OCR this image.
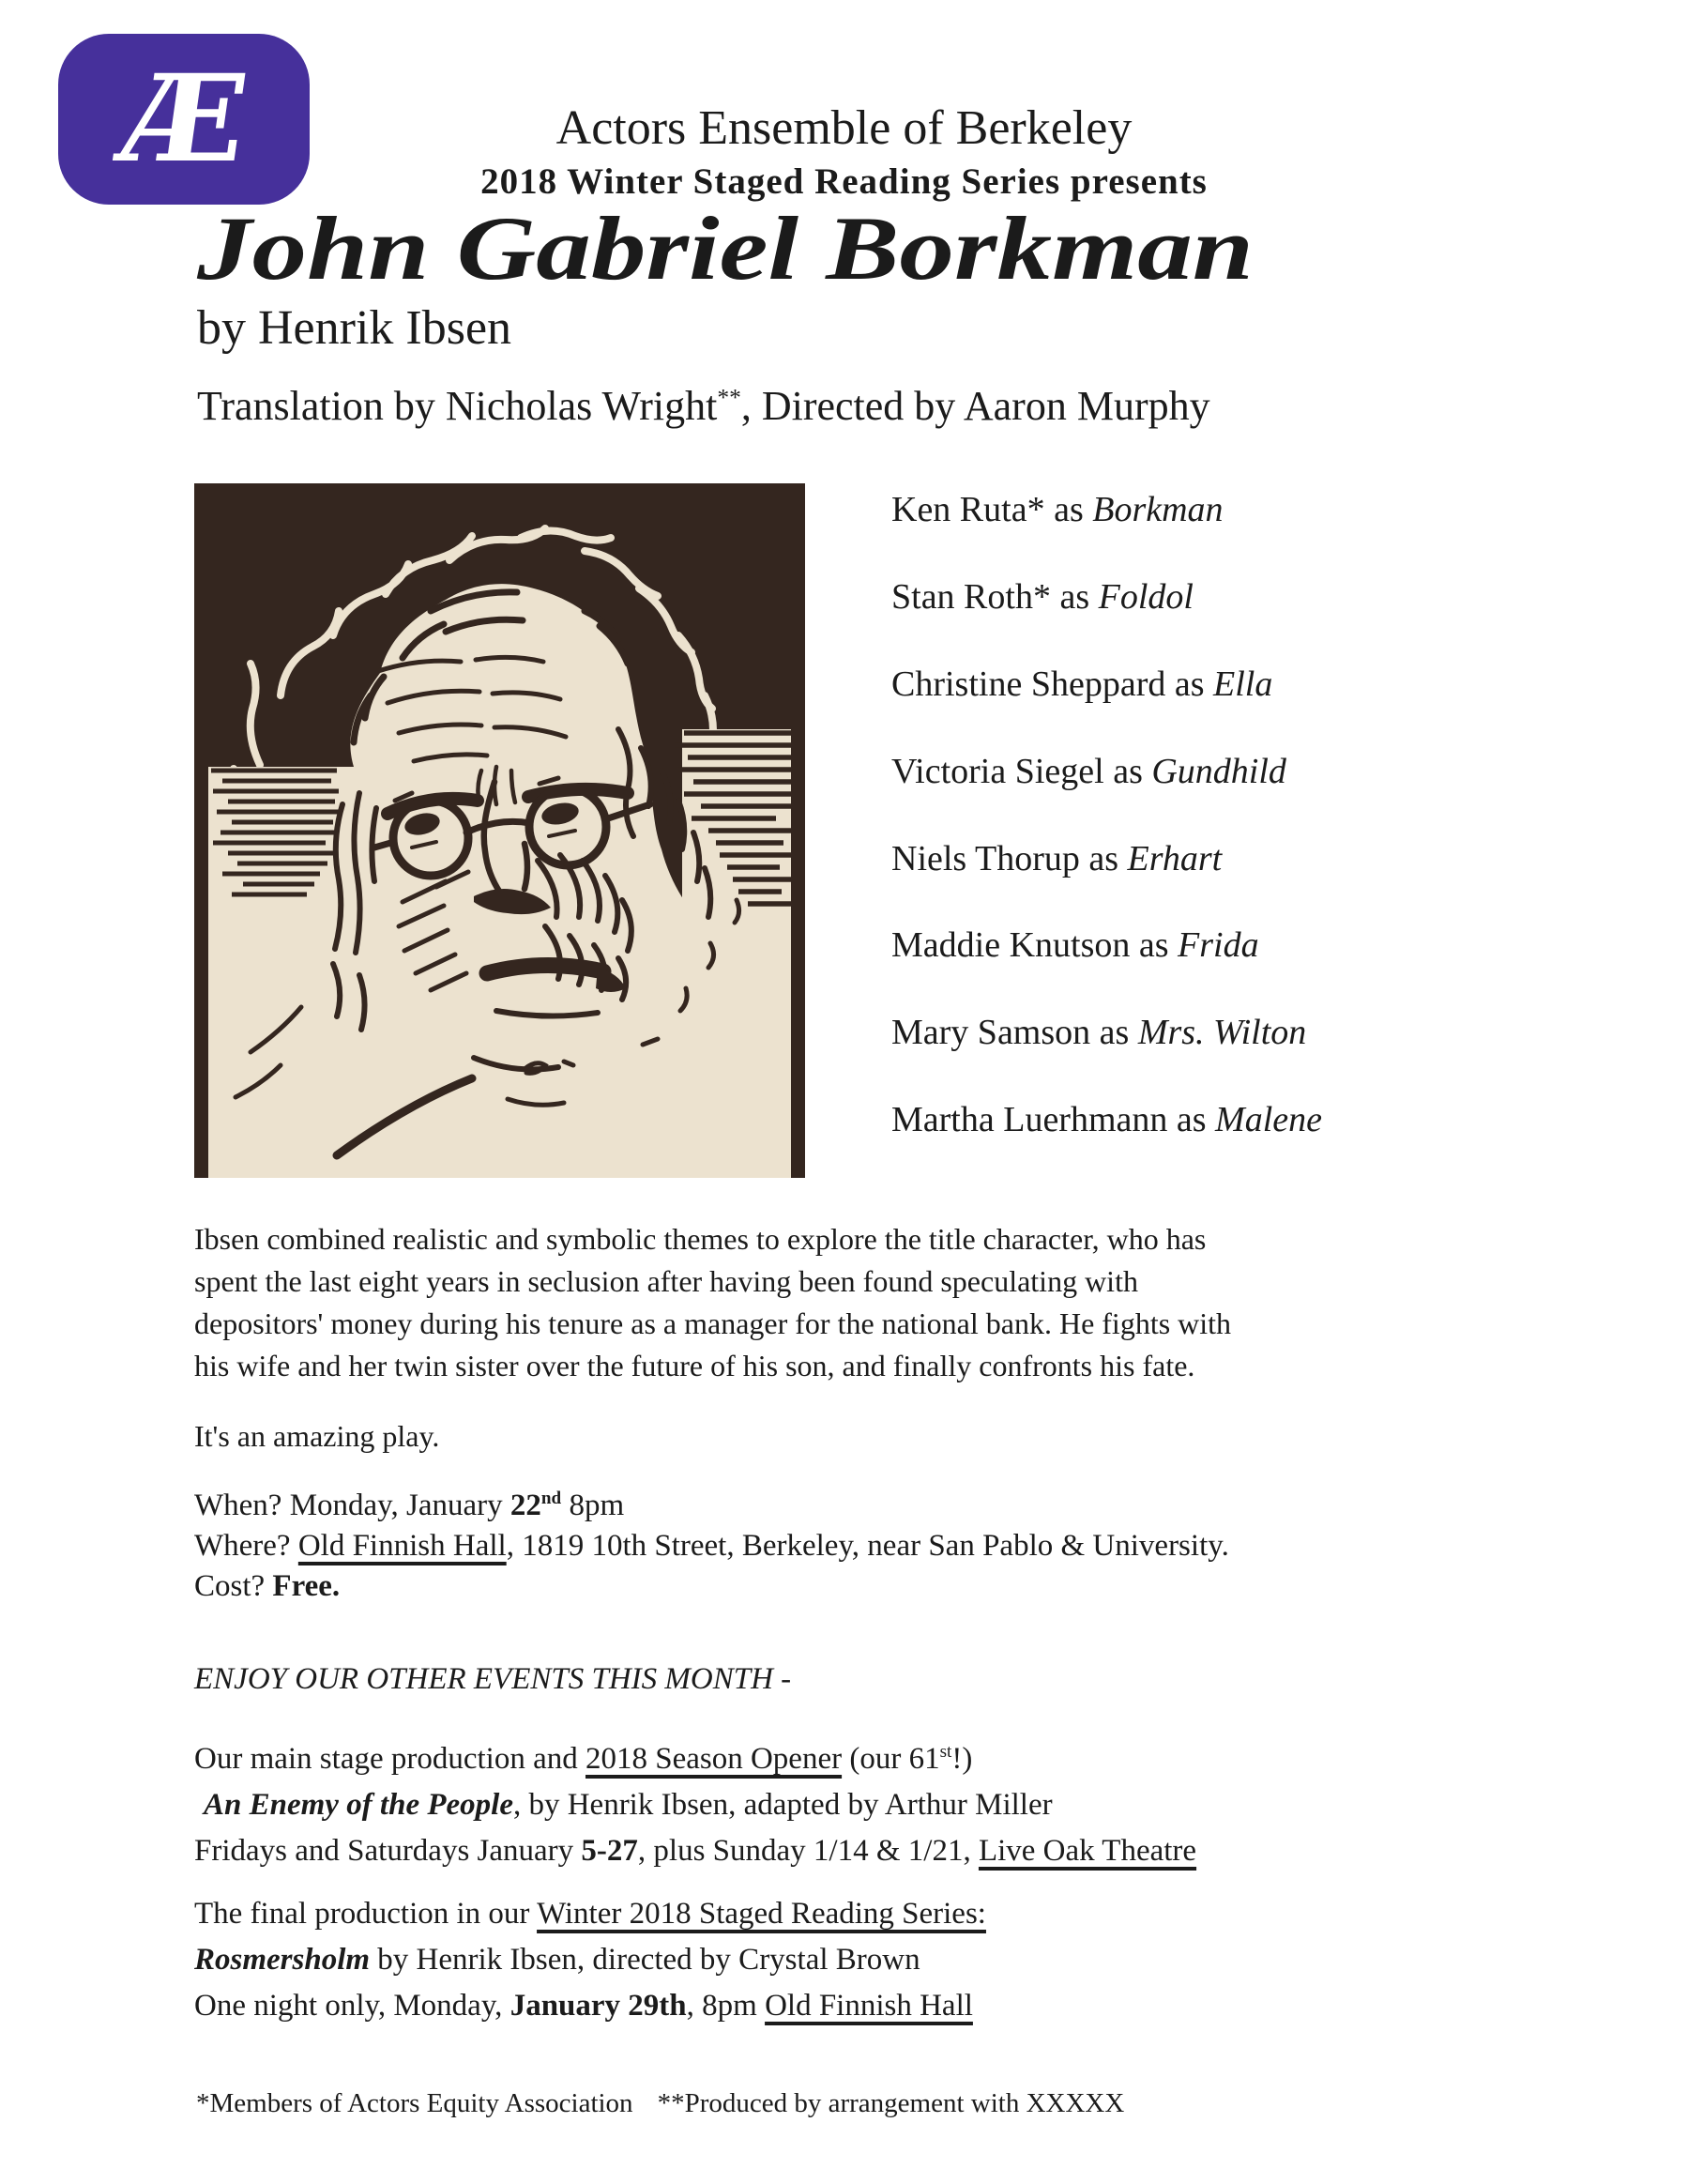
Æ	Actors Ensemble of Berkeley
2018 Winter Staged Reading Series presents
John Gabriel Borkman
by Henrik Ibsen
Translation by Nicholas Wright**, Directed by Aaron Murphy
Ken Ruta* as Borkman
Stan Roth* as Foldol
Christine Sheppard as Ella
Victoria Siegel as Gundhild
Niels Thorup as Erhart
Maddie Knutson as Frida
Mary Samson as Mrs. Wilton
Martha Luerhmann as Malene
Ibsen combined realistic and symbolic themes to explore the title character, who has
spent the last eight years in seclusion after having been found speculating with
depositors' money during his tenure as a manager for the national bank. He fights with
his wife and her twin sister over the future of his son, and finally confronts his fate.
It's an amazing play.
When? Monday, January 22nd 8pm
Where? Old Finnish Hall, 1819 10th Street, Berkeley, near San Pablo & University.
Cost? Free.
ENJOY OUR OTHER EVENTS THIS MONTH -
Our main stage production and 2018 Season Opener (our 61st!)
An Enemy of the People, by Henrik Ibsen, adapted by Arthur Miller
Fridays and Saturdays January 5-27, plus Sunday 1/14 & 1/21, Live Oak Theatre
The final production in our Winter 2018 Staged Reading Series:
Rosmersholm by Henrik Ibsen, directed by Crystal Brown
One night only, Monday, January 29th, 8pm Old Finnish Hall
*Members of Actors Equity Association **Produced by arrangement with XXXXX
